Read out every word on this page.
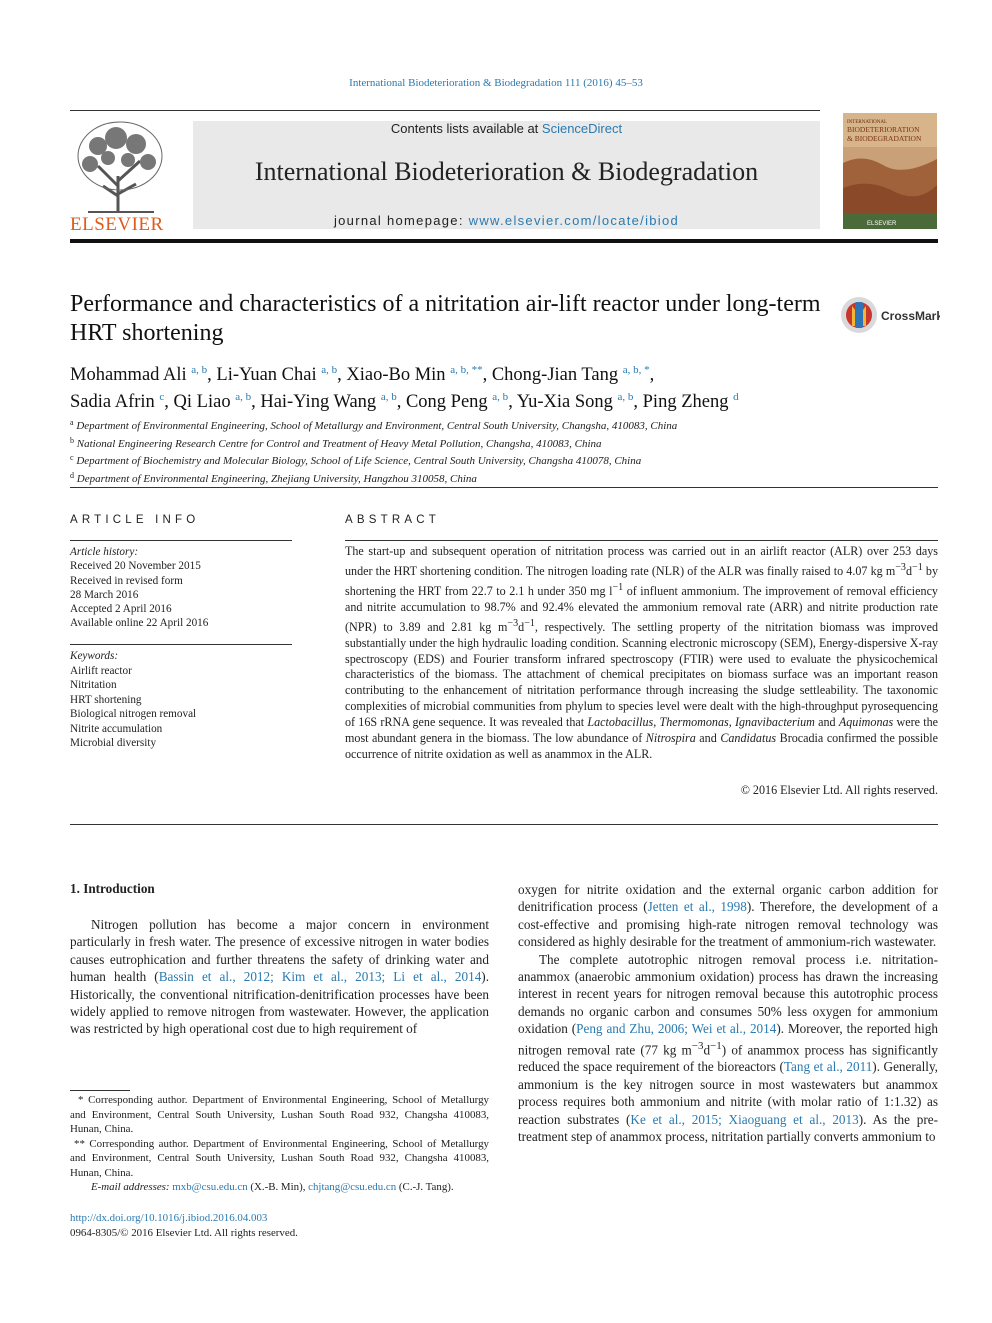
International Biodeterioration & Biodegradation 111 (2016) 45–53
ELSEVIER
Contents lists available at ScienceDirect
International Biodeterioration & Biodegradation
journal homepage: www.elsevier.com/locate/ibiod
INTERNATIONAL
BIODETERIORATION
& BIODEGRADATION
ELSEVIER
Performance and characteristics of a nitritation air-lift reactor under long-term HRT shortening
CrossMark
Mohammad Ali $^{a, b}$, Li-Yuan Chai $^{a, b}$, Xiao-Bo Min $^{a, b, **}$, Chong-Jian Tang $^{a, b, *}$,
Sadia Afrin $^c$, Qi Liao $^{a, b}$, Hai-Ying Wang $^{a, b}$, Cong Peng $^{a, b}$, Yu-Xia Song $^{a, b}$, Ping Zheng $^d$
$^a$ Department of Environmental Engineering, School of Metallurgy and Environment, Central South University, Changsha, 410083, China
$^b$ National Engineering Research Centre for Control and Treatment of Heavy Metal Pollution, Changsha, 410083, China
$^c$ Department of Biochemistry and Molecular Biology, School of Life Science, Central South University, Changsha 410078, China
$^d$ Department of Environmental Engineering, Zhejiang University, Hangzhou 310058, China
ARTICLE INFO
Article history:
Received 20 November 2015
Received in revised form
28 March 2016
Accepted 2 April 2016
Available online 22 April 2016
Keywords:
Airlift reactor
Nitritation
HRT shortening
Biological nitrogen removal
Nitrite accumulation
Microbial diversity
ABSTRACT
The start-up and subsequent operation of nitritation process was carried out in an airlift reactor (ALR) over 253 days under the HRT shortening condition. The nitrogen loading rate (NLR) of the ALR was finally raised to 4.07 kg $m^{-3}d^{-1}$ by shortening the HRT from 22.7 to 2.1 h under 350 mg $l^{-1}$ of influent ammonium. The improvement of removal efficiency and nitrite accumulation to 98.7% and 92.4% elevated the ammonium removal rate (ARR) and nitrite production rate (NPR) to 3.89 and 2.81 kg $m^{-3}d^{-1}$, respectively. The settling property of the nitritation biomass was improved substantially under the high hydraulic loading condition. Scanning electronic microscopy (SEM), Energy-dispersive X-ray spectroscopy (EDS) and Fourier transform infrared spectroscopy (FTIR) were used to evaluate the physicochemical characteristics of the biomass. The attachment of chemical precipitates on biomass surface was an important reason contributing to the enhancement of nitritation performance through increasing the sludge settleability. The taxonomic complexities of microbial communities from phylum to species level were dealt with the high-throughput pyrosequencing of 16S rRNA gene sequence. It was revealed that Lactobacillus, Thermomonas, Ignavibacterium and Aquimonas were the most abundant genera in the biomass. The low abundance of Nitrospira and Candidatus Brocadia confirmed the possible occurrence of nitrite oxidation as well as anammox in the ALR.
© 2016 Elsevier Ltd. All rights reserved.
1. Introduction
Nitrogen pollution has become a major concern in environment particularly in fresh water. The presence of excessive nitrogen in water bodies causes eutrophication and further threatens the safety of drinking water and human health (Bassin et al., 2012; Kim et al., 2013; Li et al., 2014). Historically, the conventional nitrification-denitrification processes have been widely applied to remove nitrogen from wastewater. However, the application was restricted by high operational cost due to high requirement of
oxygen for nitrite oxidation and the external organic carbon addition for denitrification process (Jetten et al., 1998). Therefore, the development of a cost-effective and promising high-rate nitrogen removal technology was considered as highly desirable for the treatment of ammonium-rich wastewater.
The complete autotrophic nitrogen removal process i.e. nitritation-anammox (anaerobic ammonium oxidation) process has drawn the increasing interest in recent years for nitrogen removal because this autotrophic process demands no organic carbon and consumes 50% less oxygen for ammonium oxidation (Peng and Zhu, 2006; Wei et al., 2014). Moreover, the reported high nitrogen removal rate (77 kg $m^{-3}d^{-1}$) of anammox process has significantly reduced the space requirement of the bioreactors (Tang et al., 2011). Generally, ammonium is the key nitrogen source in most wastewaters but anammox process requires both ammonium and nitrite (with molar ratio of 1:1.32) as reaction substrates (Ke et al., 2015; Xiaoguang et al., 2013). As the pre-treatment step of anammox process, nitritation partially converts ammonium to
* Corresponding author. Department of Environmental Engineering, School of Metallurgy and Environment, Central South University, Lushan South Road 932, Changsha 410083, Hunan, China.
** Corresponding author. Department of Environmental Engineering, School of Metallurgy and Environment, Central South University, Lushan South Road 932, Changsha 410083, Hunan, China.
E-mail addresses: mxb@csu.edu.cn (X.-B. Min), chjtang@csu.edu.cn (C.-J. Tang).
http://dx.doi.org/10.1016/j.ibiod.2016.04.003
0964-8305/© 2016 Elsevier Ltd. All rights reserved.
